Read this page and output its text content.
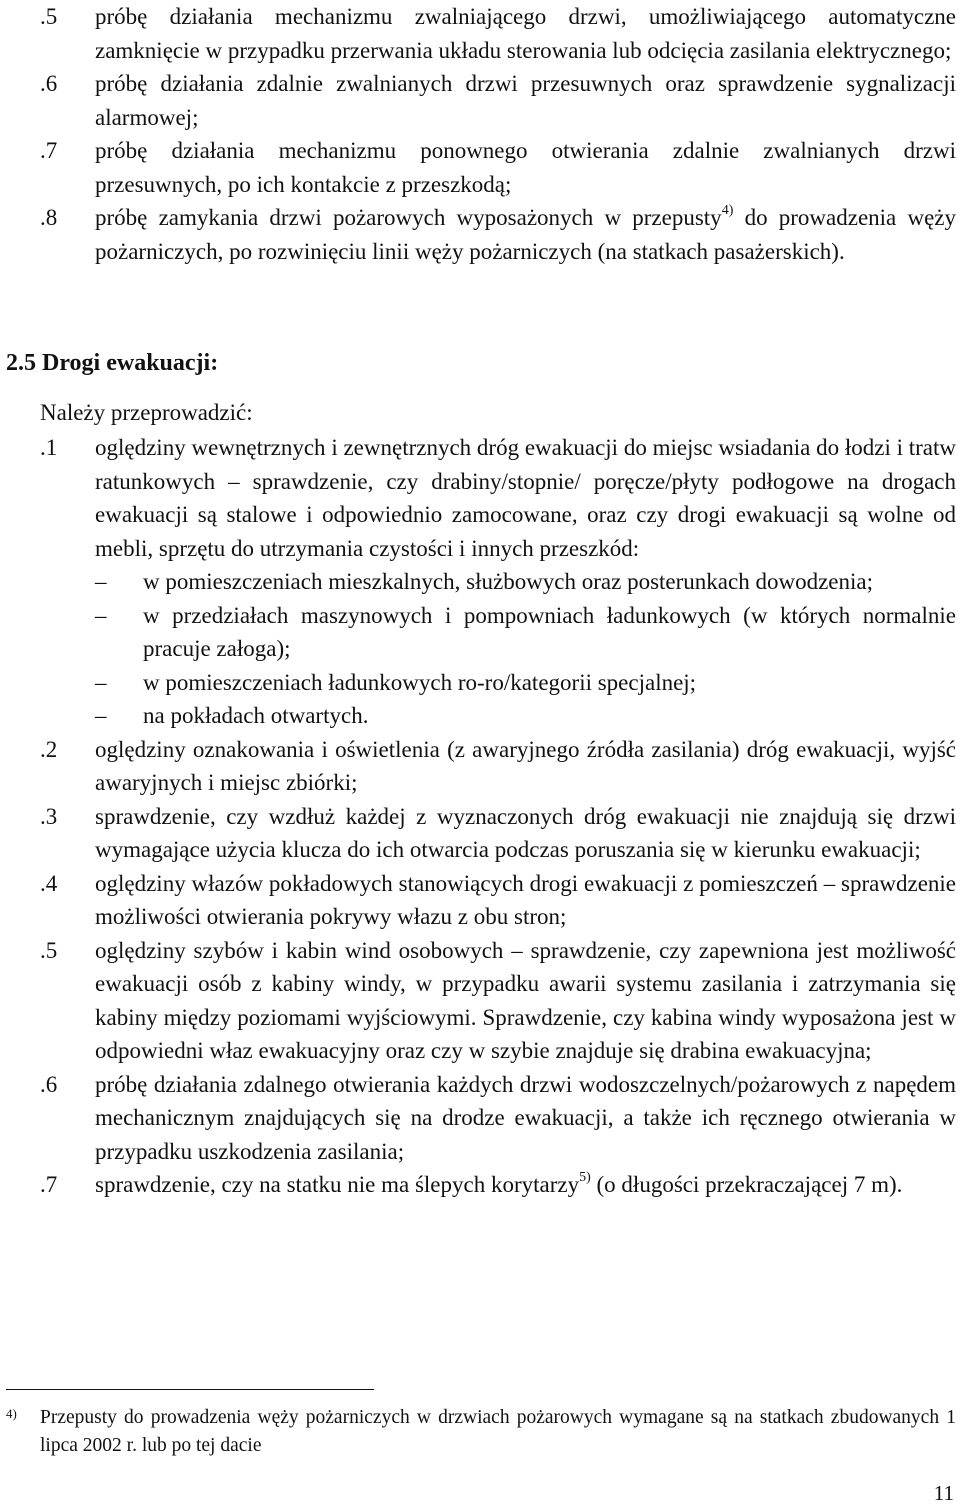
.5	próbę działania mechanizmu zwalniającego drzwi, umożliwiającego automatyczne zamknięcie w przypadku przerwania układu sterowania lub odcięcia zasilania elektrycznego;
.6	próbę działania zdalnie zwalnianych drzwi przesuwnych oraz sprawdzenie sygnalizacji alarmowej;
.7	próbę działania mechanizmu ponownego otwierania zdalnie zwalnianych drzwi przesuwnych, po ich kontakcie z przeszkodą;
.8	próbę zamykania drzwi pożarowych wyposażonych w przepusty$^{4)}$ do prowadzenia węży pożarniczych, po rozwinięciu linii węży pożarniczych (na statkach pasażerskich).
2.5 Drogi ewakuacji:
Należy przeprowadzić:
.1	oględziny wewnętrznych i zewnętrznych dróg ewakuacji do miejsc wsiadania do łodzi i tratw ratunkowych – sprawdzenie, czy drabiny/stopnie/ poręcze/płyty podłogowe na drogach ewakuacji są stalowe i odpowiednio zamocowane, oraz czy drogi ewakuacji są wolne od mebli, sprzętu do utrzymania czystości i innych przeszkód:
–	w pomieszczeniach mieszkalnych, służbowych oraz posterunkach dowodzenia;
–	w przedziałach maszynowych i pompowniach ładunkowych (w których normalnie pracuje załoga);
–	w pomieszczeniach ładunkowych ro-ro/kategorii specjalnej;
–	na pokładach otwartych.
.2	oględziny oznakowania i oświetlenia (z awaryjnego źródła zasilania) dróg ewakuacji, wyjść awaryjnych i miejsc zbiórki;
.3	sprawdzenie, czy wzdłuż każdej z wyznaczonych dróg ewakuacji nie znajdują się drzwi wymagające użycia klucza do ich otwarcia podczas poruszania się w kierunku ewakuacji;
.4	oględziny włazów pokładowych stanowiących drogi ewakuacji z pomieszczeń – sprawdzenie możliwości otwierania pokrywy włazu z obu stron;
.5	oględziny szybów i kabin wind osobowych – sprawdzenie, czy zapewniona jest możliwość ewakuacji osób z kabiny windy, w przypadku awarii systemu zasilania i zatrzymania się kabiny między poziomami wyjściowymi. Sprawdzenie, czy kabina windy wyposażona jest w odpowiedni właz ewakuacyjny oraz czy w szybie znajduje się drabina ewakuacyjna;
.6	próbę działania zdalnego otwierania każdych drzwi wodoszczelnych/pożarowych z napędem mechanicznym znajdujących się na drodze ewakuacji, a także ich ręcznego otwierania w przypadku uszkodzenia zasilania;
.7	sprawdzenie, czy na statku nie ma ślepych korytarzy$^{5)}$ (o długości przekraczającej 7 m).
4)	Przepusty do prowadzenia węży pożarniczych w drzwiach pożarowych wymagane są na statkach zbudowanych 1 lipca 2002 r. lub po tej dacie
11
